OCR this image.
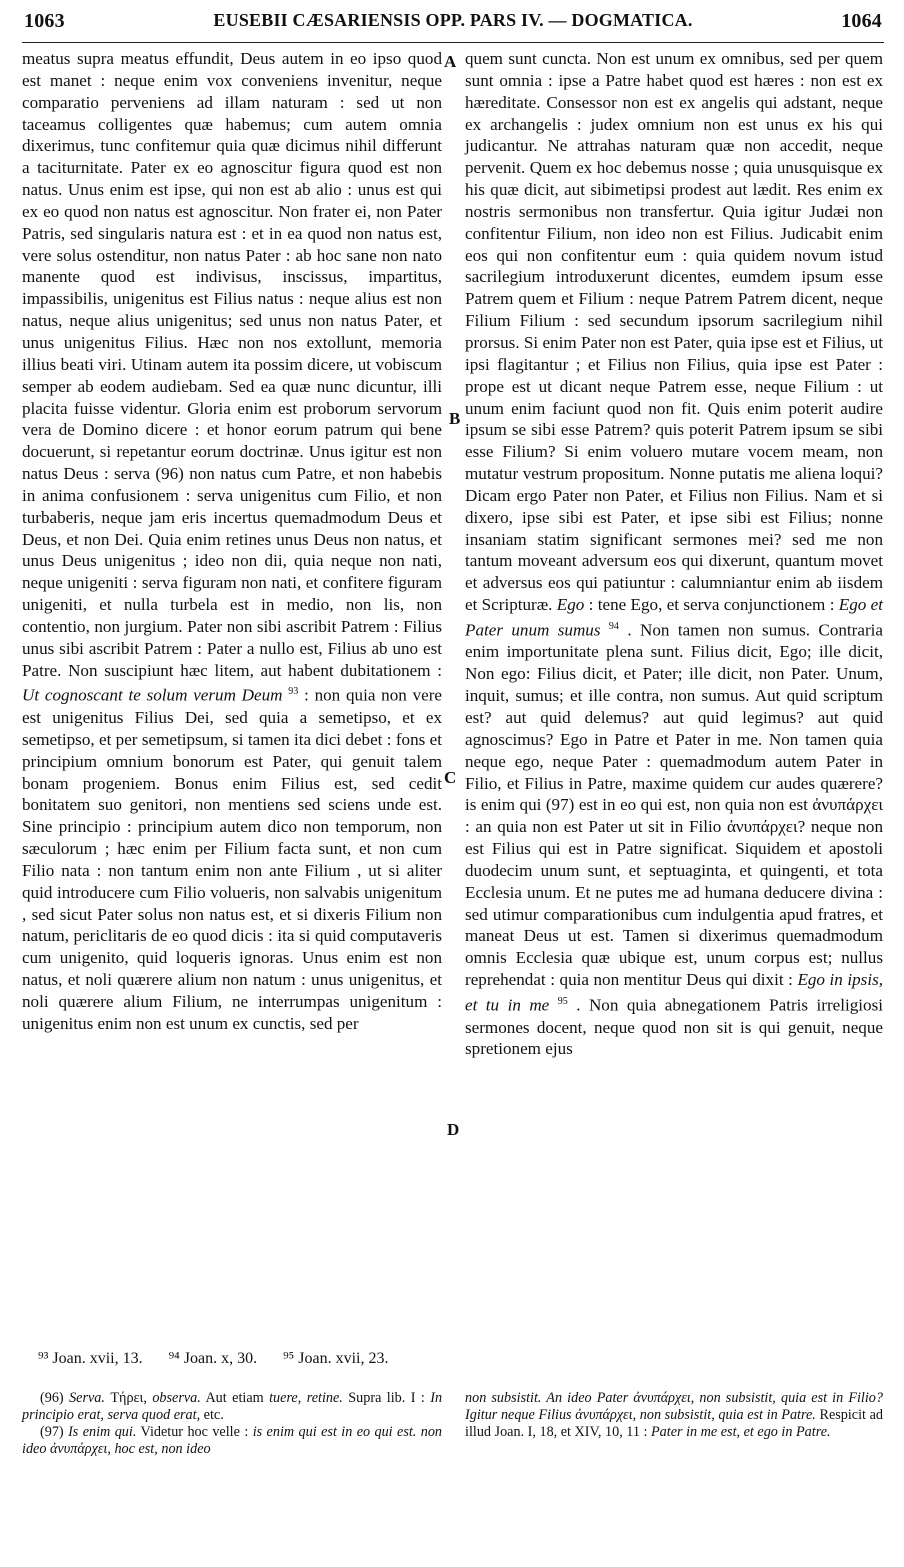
1063	EUSEBII CÆSARIENSIS OPP. PARS IV. — DOGMATICA.	1064

meatus supra meatus effundit, Deus autem in eo ipso quod est manet : neque enim vox conveniens invenitur, neque comparatio perveniens ad illam naturam : sed ut non taceamus colligentes quæ habemus; cum autem omnia dixerimus, tunc confitemur quia quæ dicimus nihil differunt a taciturnitate. Pater ex eo agnoscitur figura quod est non natus. Unus enim est ipse, qui non est ab alio : unus est qui ex eo quod non natus est agnoscitur. Non frater ei, non Pater Patris, sed singularis natura est : et in ea quod non natus est, vere solus ostenditur, non natus Pater : ab hoc sane non nato manente quod est indivisus, inscissus, impartitus, impassibilis, unigenitus est Filius natus : neque alius est non natus, neque alius unigenitus; sed unus non natus Pater, et unus unigenitus Filius. Hæc non nos extollunt, memoria illius beati viri. Utinam autem ita possim dicere, ut vobiscum semper ab eodem audiebam. Sed ea quæ nunc dicuntur, illi placita fuisse videntur. Gloria enim est proborum servorum vera de Domino dicere : et honor eorum patrum qui bene docuerunt, si repetantur eorum doctrinæ. Unus igitur est non natus Deus : serva (96) non natus cum Patre, et non habebis in anima confusionem : serva unigenitus cum Filio, et non turbaberis, neque jam eris incertus quemadmodum Deus et Deus, et non Dei. Quia enim retines unus Deus non natus, et unus Deus unigenitus ; ideo non dii, quia neque non nati, neque unigeniti : serva figuram non nati, et confitere figuram unigeniti, et nulla turbela est in medio, non lis, non contentio, non jurgium. Pater non sibi ascribit Patrem : Filius unus sibi ascribit Patrem : Pater a nullo est, Filius ab uno est Patre. Non suscipiunt hæc litem, aut habent dubitationem : Ut cognoscant te solum verum Deum $^{93}$ : non quia non vere est unigenitus Filius Dei, sed quia a semetipso, et ex semetipso, et per semetipsum, si tamen ita dici debet : fons et principium omnium bonorum est Pater, qui genuit talem bonam progeniem. Bonus enim Filius est, sed cedit bonitatem suo genitori, non mentiens sed sciens unde est. Sine principio : principium autem dico non temporum, non sæculorum ; hæc enim per Filium facta sunt, et non cum Filio nata : non tantum enim non ante Filium , ut si aliter quid introducere cum Filio volueris, non salvabis unigenitum , sed sicut Pater solus non natus est, et si dixeris Filium non natum, periclitaris de eo quod dicis : ita si quid computaveris cum unigenito, quid loqueris ignoras. Unus enim est non natus, et noli quærere alium non natum : unus unigenitus, et noli quærere alium Filium, ne interrumpas unigenitum : unigenitus enim non est unum ex cunctis, sed per

A
B
C
D

quem sunt cuncta. Non est unum ex omnibus, sed per quem sunt omnia : ipse a Patre habet quod est hæres : non est ex hæreditate. Consessor non est ex angelis qui adstant, neque ex archangelis : judex omnium non est unus ex his qui judicantur. Ne attrahas naturam quæ non accedit, neque pervenit. Quem ex hoc debemus nosse ; quia unusquisque ex his quæ dicit, aut sibimetipsi prodest aut lædit. Res enim ex nostris sermonibus non transfertur. Quia igitur Judæi non confitentur Filium, non ideo non est Filius. Judicabit enim eos qui non confitentur eum : quia quidem novum istud sacrilegium introduxerunt dicentes, eumdem ipsum esse Patrem quem et Filium : neque Patrem Patrem dicent, neque Filium Filium : sed secundum ipsorum sacrilegium nihil prorsus. Si enim Pater non est Pater, quia ipse est et Filius, ut ipsi flagitantur ; et Filius non Filius, quia ipse est Pater : prope est ut dicant neque Patrem esse, neque Filium : ut unum enim faciunt quod non fit. Quis enim poterit audire ipsum se sibi esse Patrem? quis poterit Patrem ipsum se sibi esse Filium? Si enim voluero mutare vocem meam, non mutatur vestrum propositum. Nonne putatis me aliena loqui? Dicam ergo Pater non Pater, et Filius non Filius. Nam et si dixero, ipse sibi est Pater, et ipse sibi est Filius; nonne insaniam statim significant sermones mei? sed me non tantum moveant adversum eos qui dixerunt, quantum movet et adversus eos qui patiuntur : calumniantur enim ab iisdem et Scripturæ. Ego : tene Ego, et serva conjunctionem : Ego et Pater unum sumus $^{94}$ . Non tamen non sumus. Contraria enim importunitate plena sunt. Filius dicit, Ego; ille dicit, Non ego: Filius dicit, et Pater; ille dicit, non Pater. Unum, inquit, sumus; et ille contra, non sumus. Aut quid scriptum est? aut quid delemus? aut quid legimus? aut quid agnoscimus? Ego in Patre et Pater in me. Non tamen quia neque ego, neque Pater : quemadmodum autem Pater in Filio, et Filius in Patre, maxime quidem cur audes quærere? is enim qui (97) est in eo qui est, non quia non est ἀνυπάρχει : an quia non est Pater ut sit in Filio ἀνυπάρχει? neque non est Filius qui est in Patre significat. Siquidem et apostoli duodecim unum sunt, et septuaginta, et quingenti, et tota Ecclesia unum. Et ne putes me ad humana deducere divina : sed utimur comparationibus cum indulgentia apud fratres, et maneat Deus ut est. Tamen si dixerimus quemadmodum omnis Ecclesia quæ ubique est, unum corpus est; nullus reprehendat : quia non mentitur Deus qui dixit : Ego in ipsis, et tu in me $^{95}$ . Non quia abnegationem Patris irreligiosi sermones docent, neque quod non sit is qui genuit, neque spretionem ejus

⁹³ Joan. xvii, 13. ⁹⁴ Joan. x, 30. ⁹⁵ Joan. xvii, 23.

(96) Serva. Τήρει, observa. Aut etiam tuere, retine. Supra lib. I : In principio erat, serva quod erat, etc.

(97) Is enim qui. Videtur hoc velle : is enim qui est in eo qui est. non ideo ἀνυπάρχει, hoc est, non ideo

non subsistit. An ideo Pater ἀνυπάρχει, non subsistit, quia est in Filio? Igitur neque Filius ἀνυπάρχει, non subsistit, quia est in Patre. Respicit ad illud Joan. I, 18, et XIV, 10, 11 : Pater in me est, et ego in Patre.
